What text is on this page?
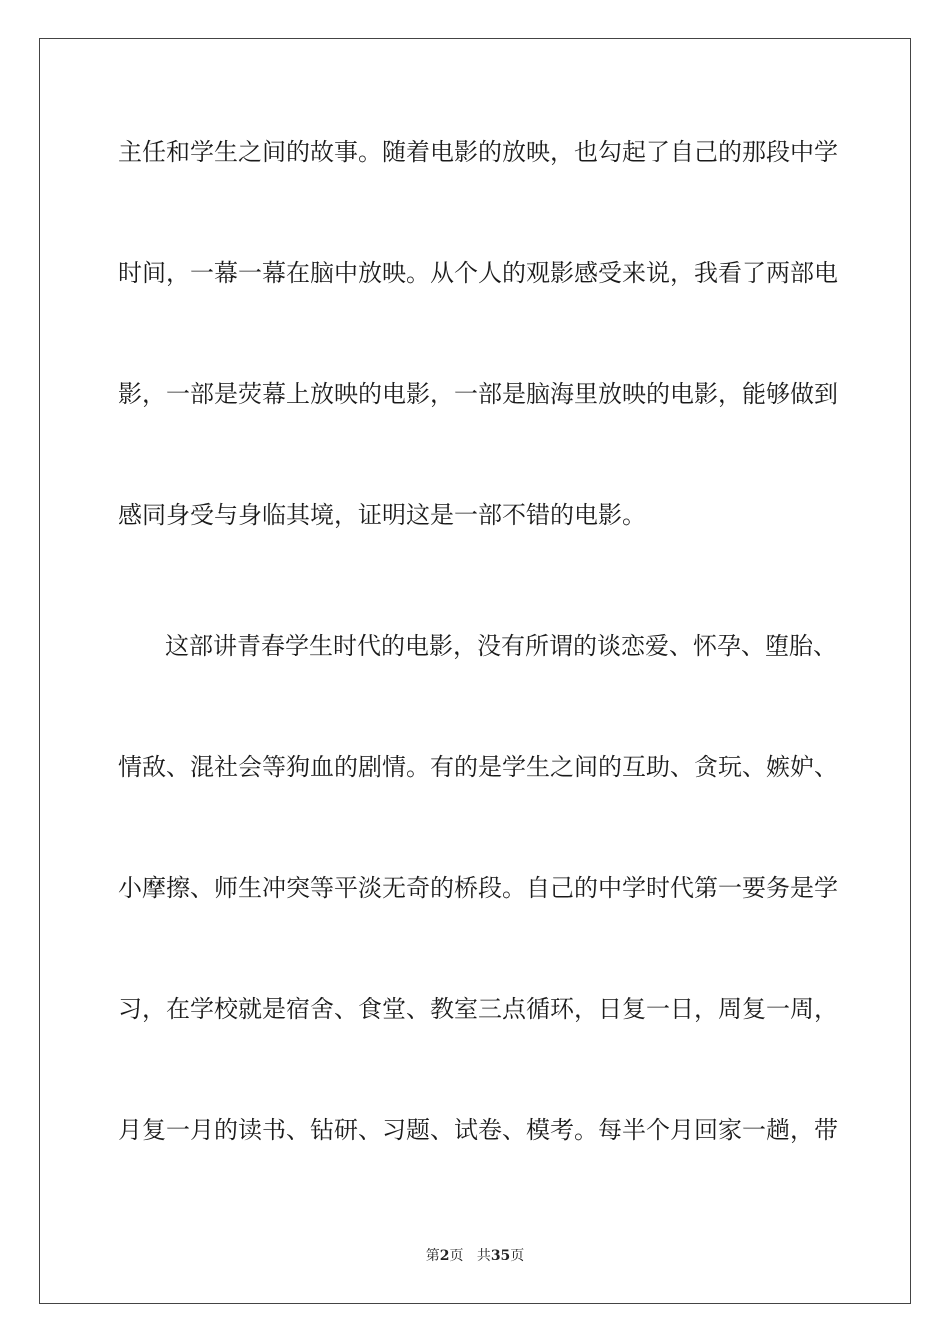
主任和学生之间的故事。随着电影的放映，也勾起了自己的那段中学
时间，一幕一幕在脑中放映。从个人的观影感受来说，我看了两部电
影，一部是荧幕上放映的电影，一部是脑海里放映的电影，能够做到
感同身受与身临其境，证明这是一部不错的电影。
这部讲青春学生时代的电影，没有所谓的谈恋爱、怀孕、堕胎、
情敌、混社会等狗血的剧情。有的是学生之间的互助、贪玩、嫉妒、
小摩擦、师生冲突等平淡无奇的桥段。自己的中学时代第一要务是学
习，在学校就是宿舍、食堂、教室三点循环，日复一日，周复一周，
月复一月的读书、钻研、习题、试卷、模考。每半个月回家一趟，带
第2页 共35页
